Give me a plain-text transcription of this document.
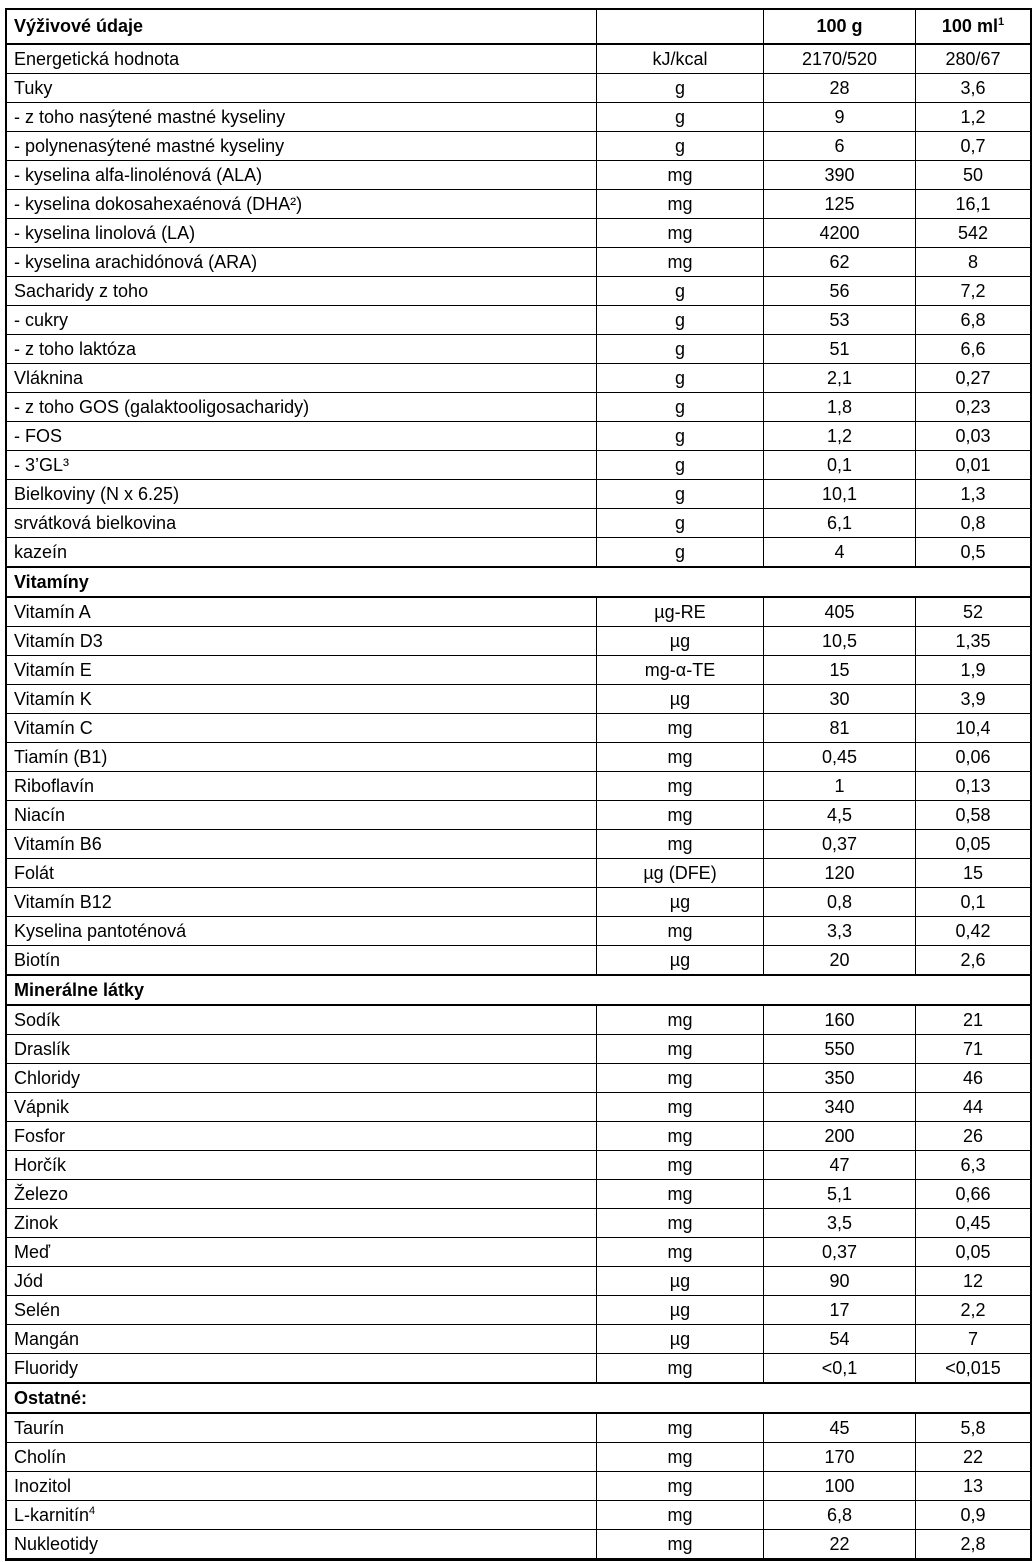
Výživové údaje		100 g	100 $ml^1$
Energetická hodnota	kJ/kcal	2170/520	280/67
Tuky	g	28	3,6
- z toho nasýtené mastné kyseliny	g	9	1,2
- polynenasýtené mastné kyseliny	g	6	0,7
- kyselina alfa-linolénová (ALA)	mg	390	50
- kyselina dokosahexaénová (DHA²)	mg	125	16,1
- kyselina linolová (LA)	mg	4200	542
- kyselina arachidónová (ARA)	mg	62	8
Sacharidy z toho	g	56	7,2
- cukry	g	53	6,8
- z toho laktóza	g	51	6,6
Vláknina	g	2,1	0,27
- z toho GOS (galaktooligosacharidy)	g	1,8	0,23
- FOS	g	1,2	0,03
- 3’GL³	g	0,1	0,01
Bielkoviny (N x 6.25)	g	10,1	1,3
srvátková bielkovina	g	6,1	0,8
kazeín	g	4	0,5
Vitamíny			
Vitamín A	µg-RE	405	52
Vitamín D3	µg	10,5	1,35
Vitamín E	mg-α-TE	15	1,9
Vitamín K	µg	30	3,9
Vitamín C	mg	81	10,4
Tiamín (B1)	mg	0,45	0,06
Riboflavín	mg	1	0,13
Niacín	mg	4,5	0,58
Vitamín B6	mg	0,37	0,05
Folát	µg (DFE)	120	15
Vitamín B12	µg	0,8	0,1
Kyselina pantoténová	mg	3,3	0,42
Biotín	µg	20	2,6
Minerálne látky			
Sodík	mg	160	21
Draslík	mg	550	71
Chloridy	mg	350	46
Vápnik	mg	340	44
Fosfor	mg	200	26
Horčík	mg	47	6,3
Železo	mg	5,1	0,66
Zinok	mg	3,5	0,45
Meď	mg	0,37	0,05
Jód	µg	90	12
Selén	µg	17	2,2
Mangán	µg	54	7
Fluoridy	mg	<0,1	<0,015
Ostatné:			
Taurín	mg	45	5,8
Cholín	mg	170	22
Inozitol	mg	100	13
L-karnitín$^4$	mg	6,8	0,9
Nukleotidy	mg	22	2,8
